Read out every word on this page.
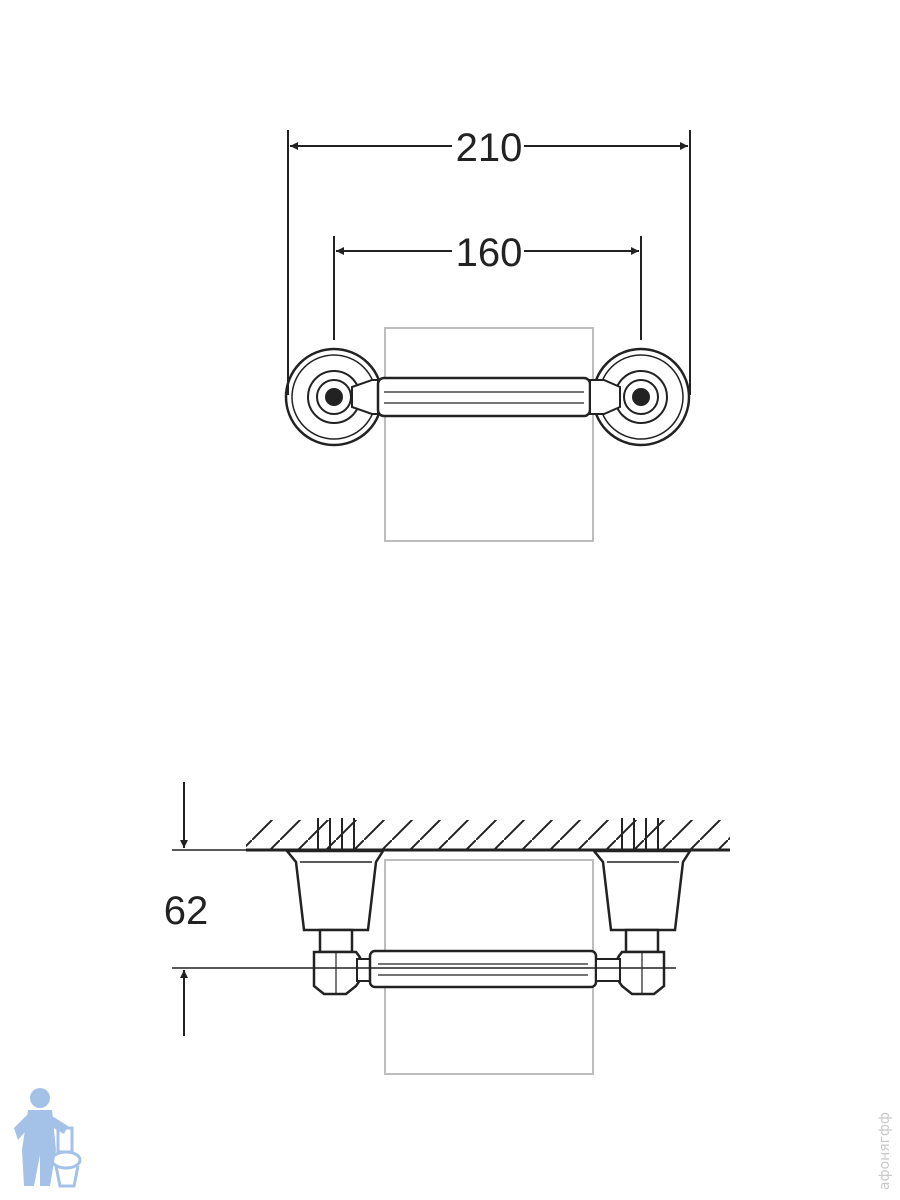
210
160
62
афонягфф
